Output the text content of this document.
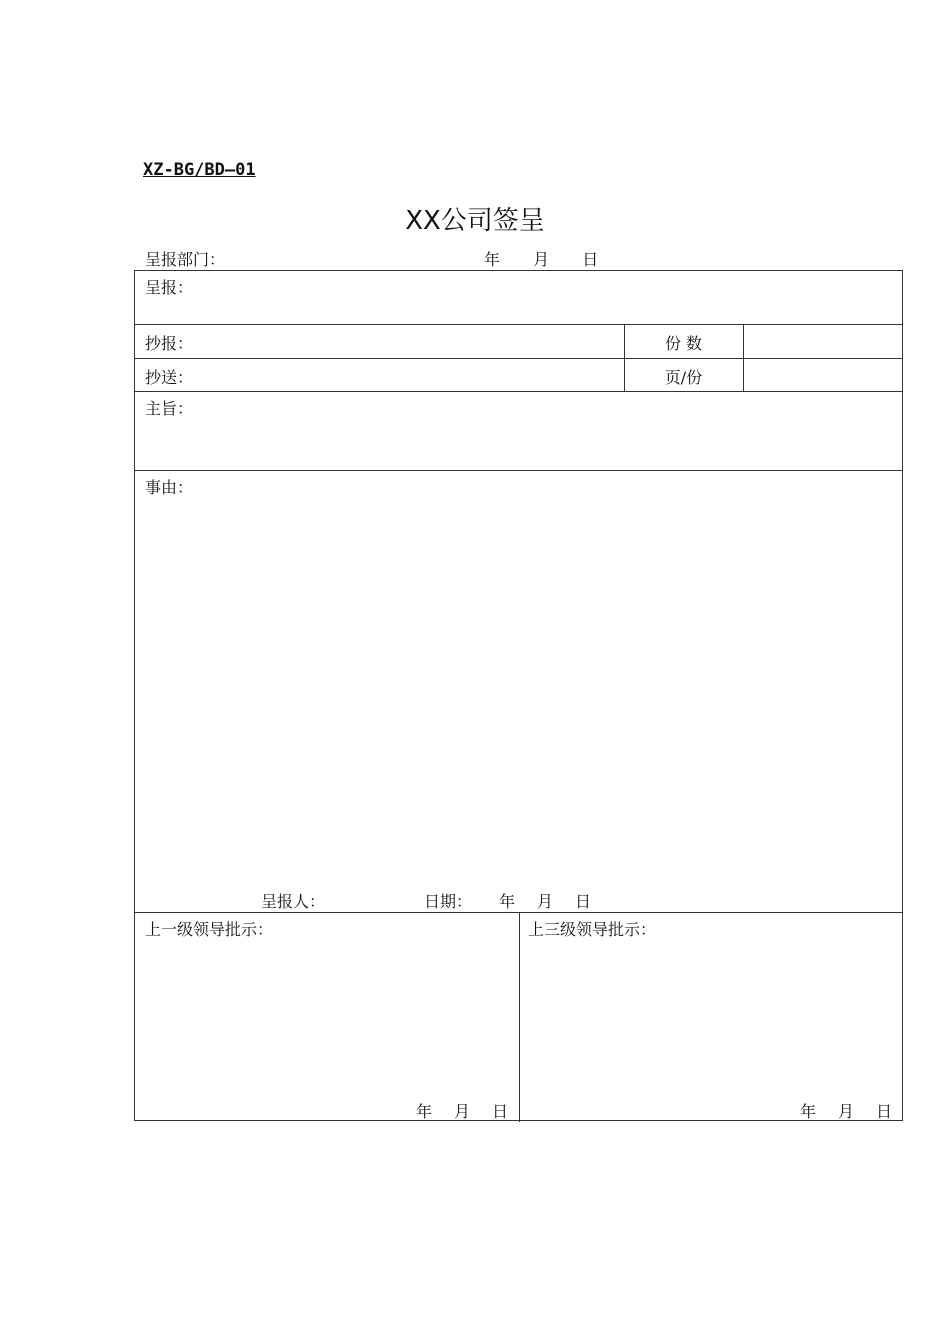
XZ-BG/BD—01
XX公司签呈
呈报部门：	年 月 日
呈报：
抄报：	份 数
抄送：	页/份
主旨：
事由：
呈报人：	日期： 年 月 日
上一级领导批示：
年 月 日
上三级领导批示：
年 月 日
